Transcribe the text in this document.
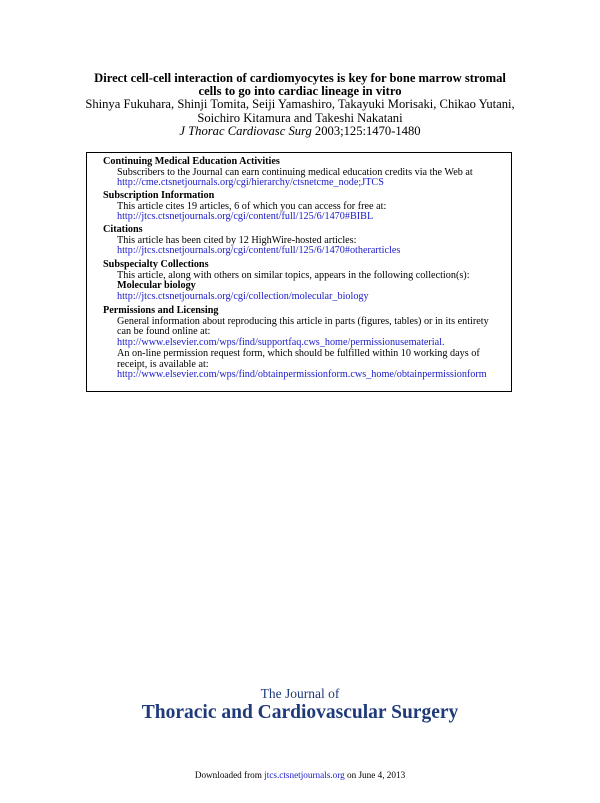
Direct cell-cell interaction of cardiomyocytes is key for bone marrow stromal
cells to go into cardiac lineage in vitro
Shinya Fukuhara, Shinji Tomita, Seiji Yamashiro, Takayuki Morisaki, Chikao Yutani,
Soichiro Kitamura and Takeshi Nakatani
J Thorac Cardiovasc Surg 2003;125:1470-1480
Continuing Medical Education Activities
Subscribers to the Journal can earn continuing medical education credits via the Web at
http://cme.ctsnetjournals.org/cgi/hierarchy/ctsnetcme_node;JTCS
Subscription Information
This article cites 19 articles, 6 of which you can access for free at:
http://jtcs.ctsnetjournals.org/cgi/content/full/125/6/1470#BIBL
Citations
This article has been cited by 12 HighWire-hosted articles:
http://jtcs.ctsnetjournals.org/cgi/content/full/125/6/1470#otherarticles
Subspecialty Collections
This article, along with others on similar topics, appears in the following collection(s):
Molecular biology
http://jtcs.ctsnetjournals.org/cgi/collection/molecular_biology
Permissions and Licensing
General information about reproducing this article in parts (figures, tables) or in its entirety
can be found online at:
http://www.elsevier.com/wps/find/supportfaq.cws_home/permissionusematerial.
An on-line permission request form, which should be fulfilled within 10 working days of
receipt, is available at:
http://www.elsevier.com/wps/find/obtainpermissionform.cws_home/obtainpermissionform
The Journal of
Thoracic and Cardiovascular Surgery
Downloaded from jtcs.ctsnetjournals.org on June 4, 2013
